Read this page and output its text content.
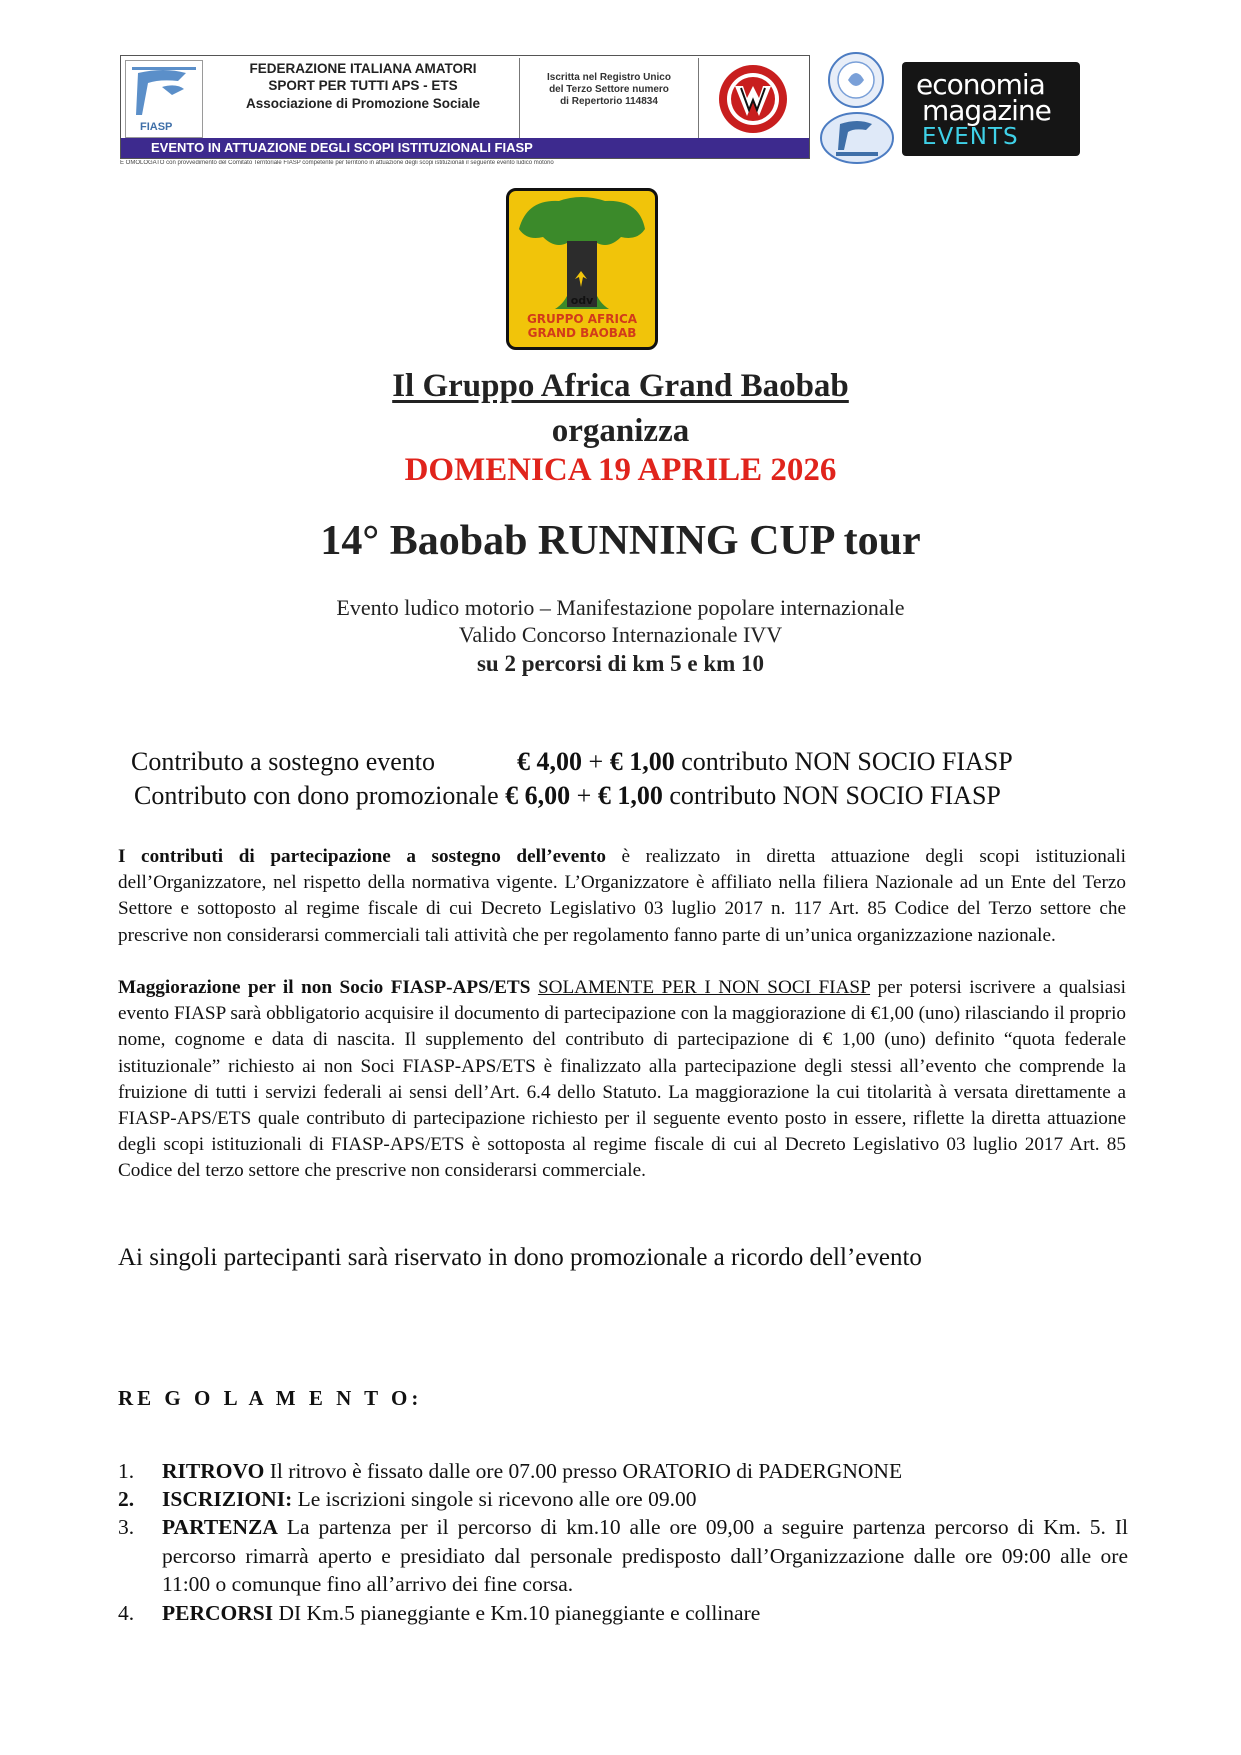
FIASP
FEDERAZIONE ITALIANA AMATORI
SPORT PER TUTTI APS - ETS
Associazione di Promozione Sociale
Iscritta nel Registro Unico
del Terzo Settore numero
di Repertorio 114834
EVENTO IN ATTUAZIONE DEGLI SCOPI ISTITUZIONALI FIASP
E OMOLOGATO con provvedimento del Comitato Territoriale FIASP competente per territorio in attuazione degli scopi istituzionali il seguente evento ludico motorio
economia
magazine
EVENTS
odv
GRUPPO AFRICA
GRAND BAOBAB
Il Gruppo Africa Grand Baobab
organizza
DOMENICA 19 APRILE 2026
14° Baobab RUNNING CUP tour
Evento ludico motorio – Manifestazione popolare internazionale
Valido Concorso Internazionale IVV
su 2 percorsi di km 5 e km 10
Contributo a sostegno evento	€ 4,00 + € 1,00 contributo NON SOCIO FIASP
Contributo con dono promozionale € 6,00 + € 1,00 contributo NON SOCIO FIASP
I contributi di partecipazione a sostegno dell’evento è realizzato in diretta attuazione degli scopi istituzionali dell’Organizzatore, nel rispetto della normativa vigente. L’Organizzatore è affiliato nella filiera Nazionale ad un Ente del Terzo Settore e sottoposto al regime fiscale di cui Decreto Legislativo 03 luglio 2017 n. 117 Art. 85 Codice del Terzo settore che prescrive non considerarsi commerciali tali attività che per regolamento fanno parte di un’unica organizzazione nazionale.
Maggiorazione per il non Socio FIASP-APS/ETS SOLAMENTE PER I NON SOCI FIASP per potersi iscrivere a qualsiasi evento FIASP sarà obbligatorio acquisire il documento di partecipazione con la maggiorazione di €1,00 (uno) rilasciando il proprio nome, cognome e data di nascita. Il supplemento del contributo di partecipazione di € 1,00 (uno) definito “quota federale istituzionale” richiesto ai non Soci FIASP-APS/ETS è finalizzato alla partecipazione degli stessi all’evento che comprende la fruizione di tutti i servizi federali ai sensi dell’Art. 6.4 dello Statuto. La maggiorazione la cui titolarità à versata direttamente a FIASP-APS/ETS quale contributo di partecipazione richiesto per il seguente evento posto in essere, riflette la diretta attuazione degli scopi istituzionali di FIASP-APS/ETS è sottoposta al regime fiscale di cui al Decreto Legislativo 03 luglio 2017 Art. 85 Codice del terzo settore che prescrive non considerarsi commerciale.
Ai singoli partecipanti sarà riservato in dono promozionale a ricordo dell’evento
RE G O L A M E N T O:
1.	RITROVO Il ritrovo è fissato dalle ore 07.00 presso ORATORIO di PADERGNONE
2.	ISCRIZIONI: Le iscrizioni singole si ricevono alle ore 09.00
3.	PARTENZA La partenza per il percorso di km.10 alle ore 09,00 a seguire partenza percorso di Km. 5. Il percorso rimarrà aperto e presidiato dal personale predisposto dall’Organizzazione dalle ore 09:00 alle ore 11:00 o comunque fino all’arrivo dei fine corsa.
4.	PERCORSI DI Km.5 pianeggiante e Km.10 pianeggiante e collinare
